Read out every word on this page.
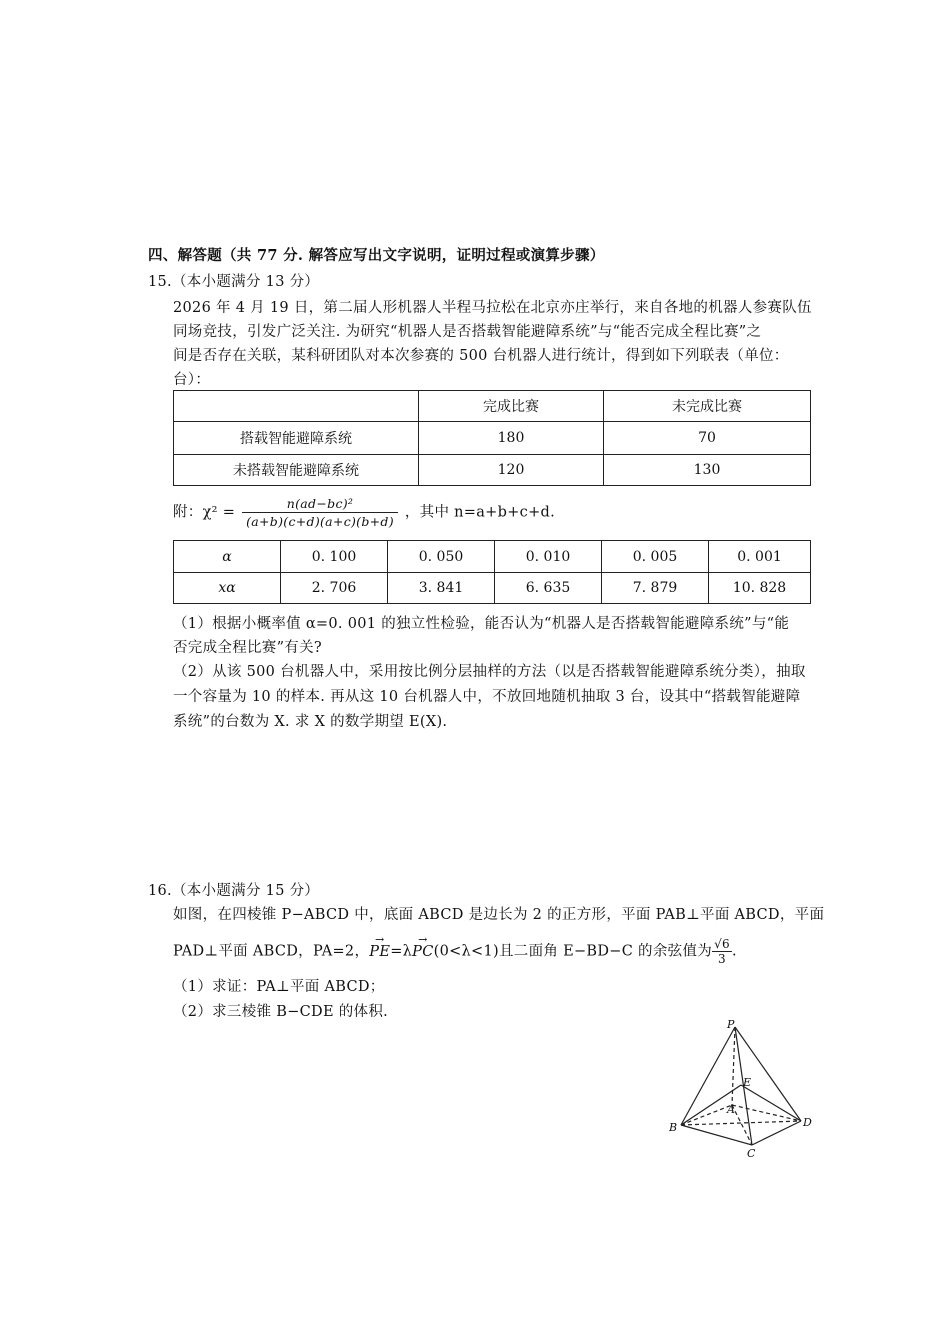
四、解答题（共 77 分. 解答应写出文字说明，证明过程或演算步骤）
15.（本小题满分 13 分）
2026 年 4 月 19 日，第二届人形机器人半程马拉松在北京亦庄举行，来自各地的机器人参赛队伍
同场竞技，引发广泛关注. 为研究“机器人是否搭载智能避障系统”与“能否完成全程比赛”之
间是否存在关联，某科研团队对本次参赛的 500 台机器人进行统计，得到如下列联表（单位：
台）：
	完成比赛	未完成比赛
搭载智能避障系统	180	70
未搭载智能避障系统	120	130
附：$\chi^2 = \frac{\text{n(ad−bc)²}}{(a+b)(c+d)(a+c)(b+d)}$ ，其中 n=a+b+c+d.
α	0. 100	0. 050	0. 010	0. 005	0. 001
xα	2. 706	3. 841	6. 635	7. 879	10. 828
（1）根据小概率值 α=0. 001 的独立性检验，能否认为“机器人是否搭载智能避障系统”与“能
否完成全程比赛”有关?
（2）从该 500 台机器人中，采用按比例分层抽样的方法（以是否搭载智能避障系统分类），抽取
一个容量为 10 的样本. 再从这 10 台机器人中，不放回地随机抽取 3 台，设其中“搭载智能避障
系统”的台数为 X. 求 X 的数学期望 E(X).
16.（本小题满分 15 分）
如图，在四棱锥 P−ABCD 中，底面 ABCD 是边长为 2 的正方形，平面 PAB⊥平面 ABCD，平面
PAD⊥平面 ABCD，PA=2，→ PE=λ→ PC(0<λ<1)且二面角 E−BD−C 的余弦值为 $\frac{√6}{3}$ .
（1）求证：PA⊥平面 ABCD；
（2）求三棱锥 B−CDE 的体积.
P
E
A
B
C
D
